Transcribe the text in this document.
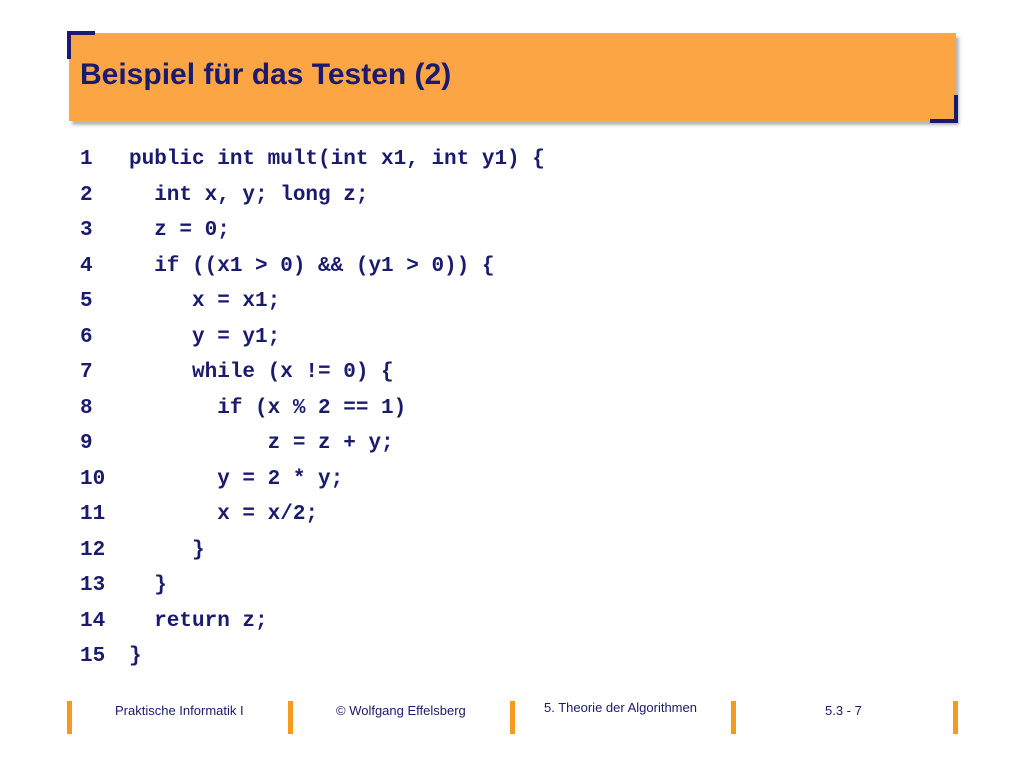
Beispiel für das Testen (2)
1	public int mult(int x1, int y1) {
2	int x, y; long z;
3	z = 0;
4	if ((x1 > 0) && (y1 > 0)) {
5	x = x1;
6	y = y1;
7	while (x != 0) {
8	if (x % 2 == 1)
9	z = z + y;
10	y = 2 * y;
11	x = x/2;
12	}
13	}
14	return z;
15	}
Praktische Informatik I	© Wolfgang Effelsberg	5. Theorie der Algorithmen	5.3 - 7
